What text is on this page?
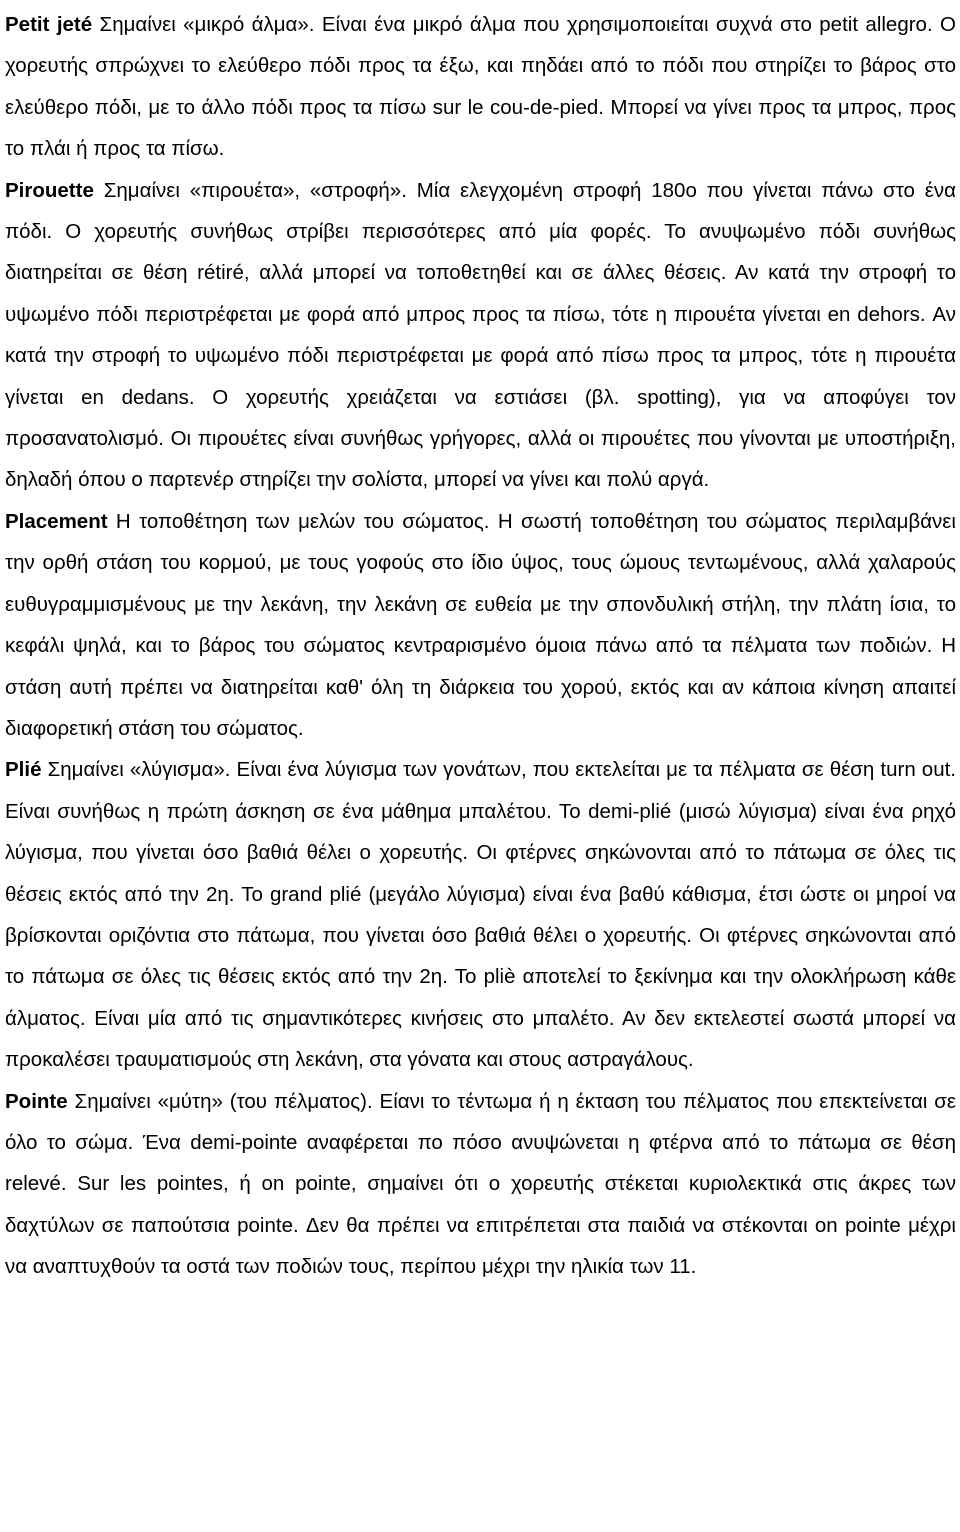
Petit jeté Σημαίνει «μικρό άλμα». Είναι ένα μικρό άλμα που χρησιμοποιείται συχνά στο petit allegro. Ο χορευτής σπρώχνει το ελεύθερο πόδι προς τα έξω, και πηδάει από το πόδι που στηρίζει το βάρος στο ελεύθερο πόδι, με το άλλο πόδι προς τα πίσω sur le cou-de-pied. Μπορεί να γίνει προς τα μπρος, προς το πλάι ή προς τα πίσω.

Pirouette Σημαίνει «πιρουέτα», «στροφή». Μία ελεγχομένη στροφή 180ο που γίνεται πάνω στο ένα πόδι. Ο χορευτής συνήθως στρίβει περισσότερες από μία φορές. Το ανυψωμένο πόδι συνήθως διατηρείται σε θέση rétiré, αλλά μπορεί να τοποθετηθεί και σε άλλες θέσεις. Αν κατά την στροφή το υψωμένο πόδι περιστρέφεται με φορά από μπρος προς τα πίσω, τότε η πιρουέτα γίνεται en dehors. Αν κατά την στροφή το υψωμένο πόδι περιστρέφεται με φορά από πίσω προς τα μπρος, τότε η πιρουέτα γίνεται en dedans. Ο χορευτής χρειάζεται να εστιάσει (βλ. spotting), για να αποφύγει τον προσανατολισμό. Οι πιρουέτες είναι συνήθως γρήγορες, αλλά οι πιρουέτες που γίνονται με υποστήριξη, δηλαδή όπου ο παρτενέρ στηρίζει την σολίστα, μπορεί να γίνει και πολύ αργά.

Placement Η τοποθέτηση των μελών του σώματος. Η σωστή τοποθέτηση του σώματος περιλαμβάνει την ορθή στάση του κορμού, με τους γοφούς στο ίδιο ύψος, τους ώμους τεντωμένους, αλλά χαλαρούς ευθυγραμμισμένους με την λεκάνη, την λεκάνη σε ευθεία με την σπονδυλική στήλη, την πλάτη ίσια, το κεφάλι ψηλά, και το βάρος του σώματος κεντραρισμένο όμοια πάνω από τα πέλματα των ποδιών. Η στάση αυτή πρέπει να διατηρείται καθ' όλη τη διάρκεια του χορού, εκτός και αν κάποια κίνηση απαιτεί διαφορετική στάση του σώματος.

Plié Σημαίνει «λύγισμα». Είναι ένα λύγισμα των γονάτων, που εκτελείται με τα πέλματα σε θέση turn out. Είναι συνήθως η πρώτη άσκηση σε ένα μάθημα μπαλέτου. Το demi-plié (μισώ λύγισμα) είναι ένα ρηχό λύγισμα, που γίνεται όσο βαθιά θέλει ο χορευτής. Οι φτέρνες σηκώνονται από το πάτωμα σε όλες τις θέσεις εκτός από την 2η. Το grand plié (μεγάλο λύγισμα) είναι ένα βαθύ κάθισμα, έτσι ώστε οι μηροί να βρίσκονται οριζόντια στο πάτωμα, που γίνεται όσο βαθιά θέλει ο χορευτής. Οι φτέρνες σηκώνονται από το πάτωμα σε όλες τις θέσεις εκτός από την 2η. Το pliè αποτελεί το ξεκίνημα και την ολοκλήρωση κάθε άλματος. Είναι μία από τις σημαντικότερες κινήσεις στο μπαλέτο. Αν δεν εκτελεστεί σωστά μπορεί να προκαλέσει τραυματισμούς στη λεκάνη, στα γόνατα και στους αστραγάλους.

Pointe Σημαίνει «μύτη» (του πέλματος). Είανι το τέντωμα ή η έκταση του πέλματος που επεκτείνεται σε όλο το σώμα. Ένα demi-pointe αναφέρεται πο πόσο ανυψώνεται η φτέρνα από το πάτωμα σε θέση relevé. Sur les pointes, ή on pointe, σημαίνει ότι ο χορευτής στέκεται κυριολεκτικά στις άκρες των δαχτύλων σε παπούτσια pointe. Δεν θα πρέπει να επιτρέπεται στα παιδιά να στέκονται on pointe μέχρι να αναπτυχθούν τα οστά των ποδιών τους, περίπου μέχρι την ηλικία των 11.
